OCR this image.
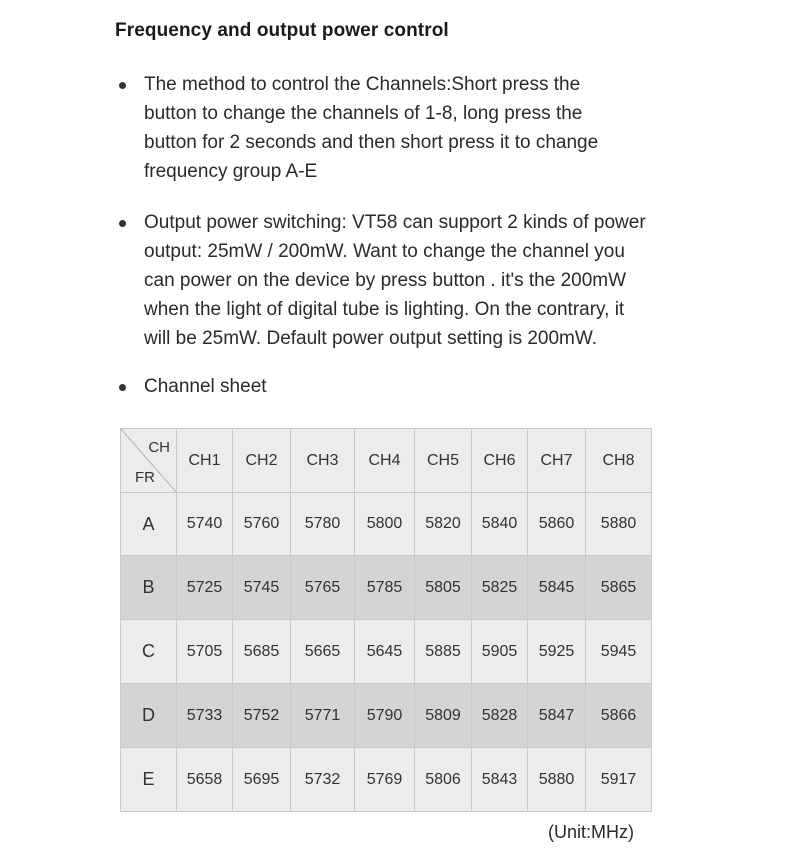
Frequency and output power control

The method to control the Channels:Short press the

button to change the channels of 1-8, long press the

button for 2 seconds and then short press it to change

frequency group A-E

Output power switching: VT58 can support 2 kinds of power

output: 25mW / 200mW. Want to change the channel you

can power on the device by press button . it's the 200mW

when the light of digital tube is lighting. On the contrary, it

will be 25mW. Default power output setting is 200mW.

Channel sheet

CH
FR	CH1	CH2	CH3	CH4	CH5	CH6	CH7	CH8
A	5740	5760	5780	5800	5820	5840	5860	5880
B	5725	5745	5765	5785	5805	5825	5845	5865
C	5705	5685	5665	5645	5885	5905	5925	5945
D	5733	5752	5771	5790	5809	5828	5847	5866
E	5658	5695	5732	5769	5806	5843	5880	5917
(Unit:MHz)
